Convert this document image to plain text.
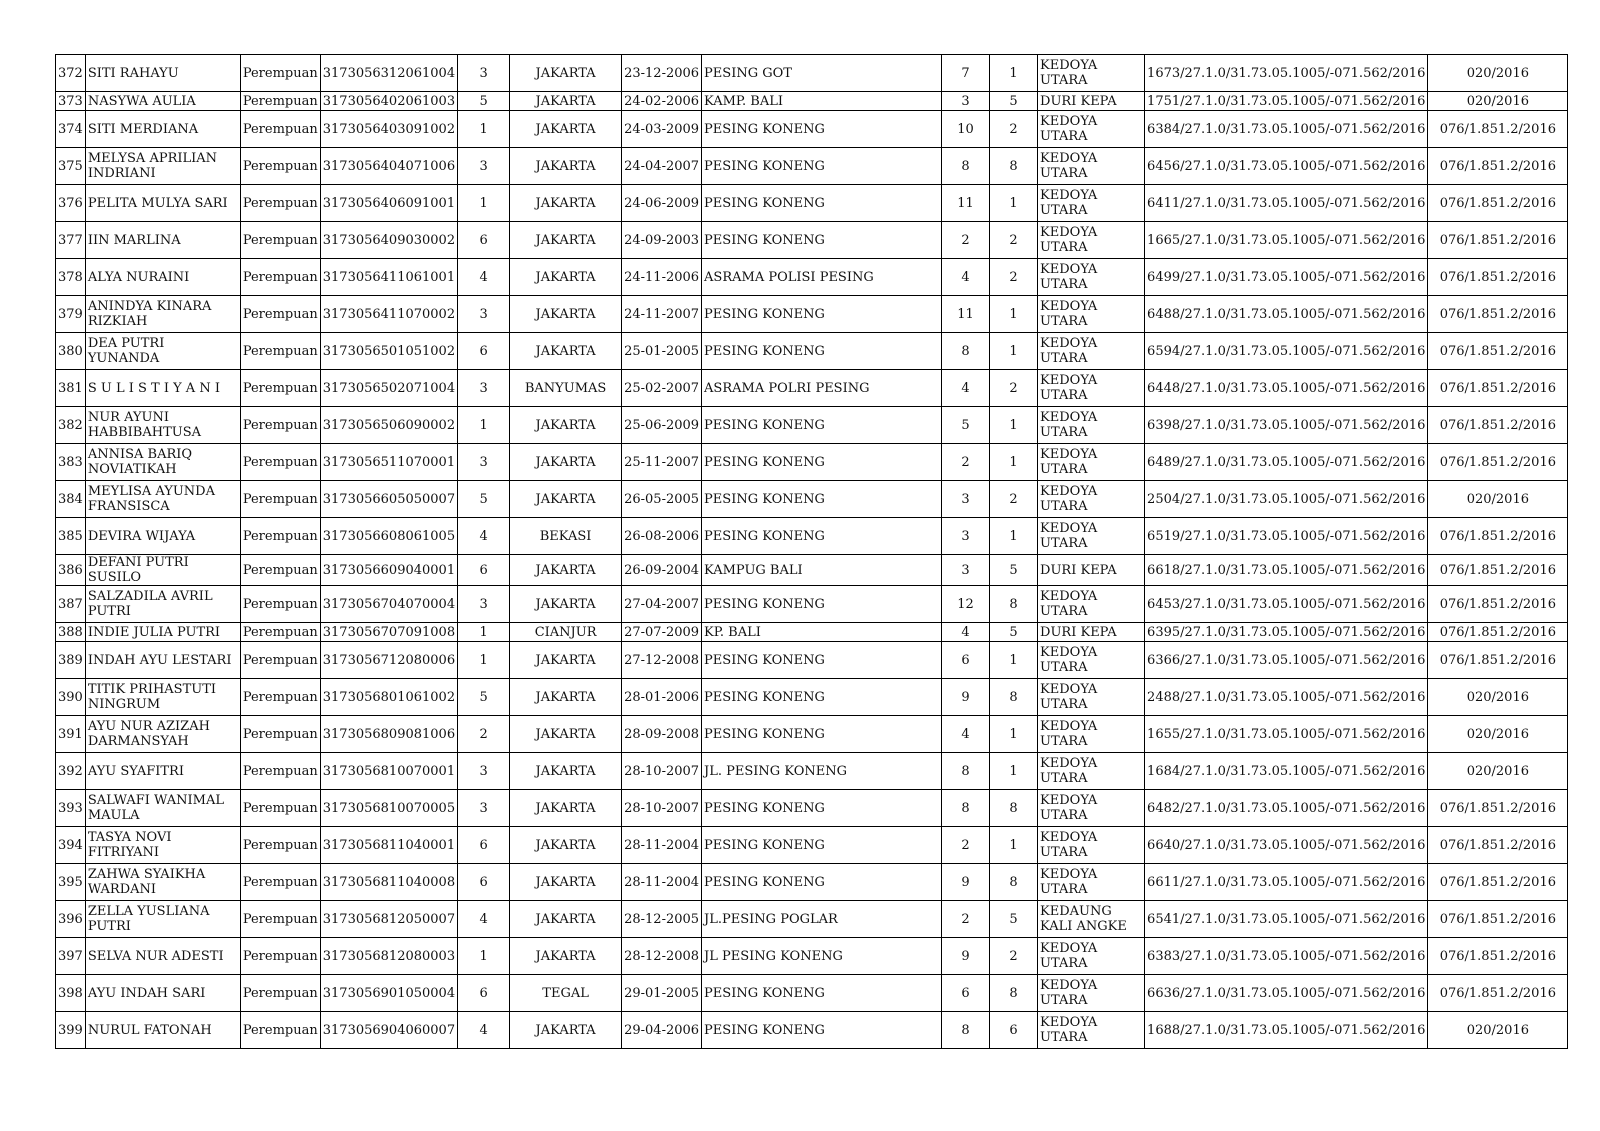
372	SITI RAHAYU	Perempuan	3173056312061004	3	JAKARTA	23-12-2006	PESING GOT	7	1	KEDOYA UTARA	1673/27.1.0/31.73.05.1005/-071.562/2016	020/2016
373	NASYWA AULIA	Perempuan	3173056402061003	5	JAKARTA	24-02-2006	KAMP. BALI	3	5	DURI KEPA	1751/27.1.0/31.73.05.1005/-071.562/2016	020/2016
374	SITI MERDIANA	Perempuan	3173056403091002	1	JAKARTA	24-03-2009	PESING KONENG	10	2	KEDOYA UTARA	6384/27.1.0/31.73.05.1005/-071.562/2016	076/1.851.2/2016
375	MELYSA APRILIAN INDRIANI	Perempuan	3173056404071006	3	JAKARTA	24-04-2007	PESING KONENG	8	8	KEDOYA UTARA	6456/27.1.0/31.73.05.1005/-071.562/2016	076/1.851.2/2016
376	PELITA MULYA SARI	Perempuan	3173056406091001	1	JAKARTA	24-06-2009	PESING KONENG	11	1	KEDOYA UTARA	6411/27.1.0/31.73.05.1005/-071.562/2016	076/1.851.2/2016
377	IIN MARLINA	Perempuan	3173056409030002	6	JAKARTA	24-09-2003	PESING KONENG	2	2	KEDOYA UTARA	1665/27.1.0/31.73.05.1005/-071.562/2016	076/1.851.2/2016
378	ALYA NURAINI	Perempuan	3173056411061001	4	JAKARTA	24-11-2006	ASRAMA POLISI PESING	4	2	KEDOYA UTARA	6499/27.1.0/31.73.05.1005/-071.562/2016	076/1.851.2/2016
379	ANINDYA KINARA RIZKIAH	Perempuan	3173056411070002	3	JAKARTA	24-11-2007	PESING KONENG	11	1	KEDOYA UTARA	6488/27.1.0/31.73.05.1005/-071.562/2016	076/1.851.2/2016
380	DEA PUTRI YUNANDA	Perempuan	3173056501051002	6	JAKARTA	25-01-2005	PESING KONENG	8	1	KEDOYA UTARA	6594/27.1.0/31.73.05.1005/-071.562/2016	076/1.851.2/2016
381	S U L I S T I Y A N I	Perempuan	3173056502071004	3	BANYUMAS	25-02-2007	ASRAMA POLRI PESING	4	2	KEDOYA UTARA	6448/27.1.0/31.73.05.1005/-071.562/2016	076/1.851.2/2016
382	NUR AYUNI HABBIBAHTUSA	Perempuan	3173056506090002	1	JAKARTA	25-06-2009	PESING KONENG	5	1	KEDOYA UTARA	6398/27.1.0/31.73.05.1005/-071.562/2016	076/1.851.2/2016
383	ANNISA BARIQ NOVIATIKAH	Perempuan	3173056511070001	3	JAKARTA	25-11-2007	PESING KONENG	2	1	KEDOYA UTARA	6489/27.1.0/31.73.05.1005/-071.562/2016	076/1.851.2/2016
384	MEYLISA AYUNDA FRANSISCA	Perempuan	3173056605050007	5	JAKARTA	26-05-2005	PESING KONENG	3	2	KEDOYA UTARA	2504/27.1.0/31.73.05.1005/-071.562/2016	020/2016
385	DEVIRA WIJAYA	Perempuan	3173056608061005	4	BEKASI	26-08-2006	PESING KONENG	3	1	KEDOYA UTARA	6519/27.1.0/31.73.05.1005/-071.562/2016	076/1.851.2/2016
386	DEFANI PUTRI SUSILO	Perempuan	3173056609040001	6	JAKARTA	26-09-2004	KAMPUG BALI	3	5	DURI KEPA	6618/27.1.0/31.73.05.1005/-071.562/2016	076/1.851.2/2016
387	SALZADILA AVRIL PUTRI	Perempuan	3173056704070004	3	JAKARTA	27-04-2007	PESING KONENG	12	8	KEDOYA UTARA	6453/27.1.0/31.73.05.1005/-071.562/2016	076/1.851.2/2016
388	INDIE JULIA PUTRI	Perempuan	3173056707091008	1	CIANJUR	27-07-2009	KP. BALI	4	5	DURI KEPA	6395/27.1.0/31.73.05.1005/-071.562/2016	076/1.851.2/2016
389	INDAH AYU LESTARI	Perempuan	3173056712080006	1	JAKARTA	27-12-2008	PESING KONENG	6	1	KEDOYA UTARA	6366/27.1.0/31.73.05.1005/-071.562/2016	076/1.851.2/2016
390	TITIK PRIHASTUTI NINGRUM	Perempuan	3173056801061002	5	JAKARTA	28-01-2006	PESING KONENG	9	8	KEDOYA UTARA	2488/27.1.0/31.73.05.1005/-071.562/2016	020/2016
391	AYU NUR AZIZAH DARMANSYAH	Perempuan	3173056809081006	2	JAKARTA	28-09-2008	PESING KONENG	4	1	KEDOYA UTARA	1655/27.1.0/31.73.05.1005/-071.562/2016	020/2016
392	AYU SYAFITRI	Perempuan	3173056810070001	3	JAKARTA	28-10-2007	JL. PESING KONENG	8	1	KEDOYA UTARA	1684/27.1.0/31.73.05.1005/-071.562/2016	020/2016
393	SALWAFI WANIMAL MAULA	Perempuan	3173056810070005	3	JAKARTA	28-10-2007	PESING KONENG	8	8	KEDOYA UTARA	6482/27.1.0/31.73.05.1005/-071.562/2016	076/1.851.2/2016
394	TASYA NOVI FITRIYANI	Perempuan	3173056811040001	6	JAKARTA	28-11-2004	PESING KONENG	2	1	KEDOYA UTARA	6640/27.1.0/31.73.05.1005/-071.562/2016	076/1.851.2/2016
395	ZAHWA SYAIKHA WARDANI	Perempuan	3173056811040008	6	JAKARTA	28-11-2004	PESING KONENG	9	8	KEDOYA UTARA	6611/27.1.0/31.73.05.1005/-071.562/2016	076/1.851.2/2016
396	ZELLA YUSLIANA PUTRI	Perempuan	3173056812050007	4	JAKARTA	28-12-2005	JL.PESING POGLAR	2	5	KEDAUNG KALI ANGKE	6541/27.1.0/31.73.05.1005/-071.562/2016	076/1.851.2/2016
397	SELVA NUR ADESTI	Perempuan	3173056812080003	1	JAKARTA	28-12-2008	JL PESING KONENG	9	2	KEDOYA UTARA	6383/27.1.0/31.73.05.1005/-071.562/2016	076/1.851.2/2016
398	AYU INDAH SARI	Perempuan	3173056901050004	6	TEGAL	29-01-2005	PESING KONENG	6	8	KEDOYA UTARA	6636/27.1.0/31.73.05.1005/-071.562/2016	076/1.851.2/2016
399	NURUL FATONAH	Perempuan	3173056904060007	4	JAKARTA	29-04-2006	PESING KONENG	8	6	KEDOYA UTARA	1688/27.1.0/31.73.05.1005/-071.562/2016	020/2016
